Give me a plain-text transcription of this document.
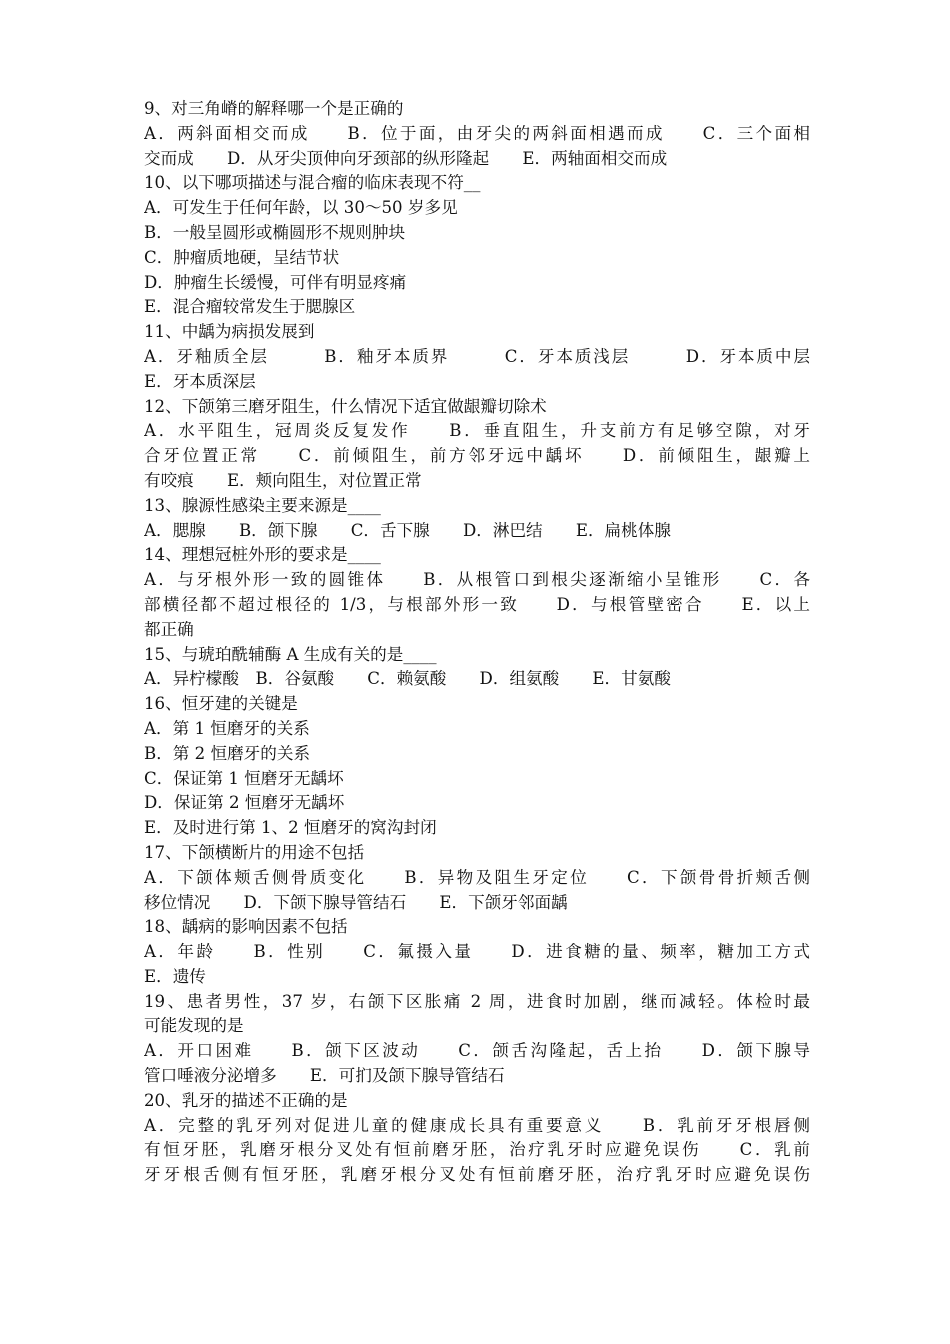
9、对三角嵴的解释哪一个是正确的
A．两斜面相交而成　　B．位于面，由牙尖的两斜面相遇而成　　C．三个面相
交而成　　D．从牙尖顶伸向牙颈部的纵形隆起　　E．两轴面相交而成
10、以下哪项描述与混合瘤的临床表现不符__
A．可发生于任何年龄，以 30～50 岁多见
B．一般呈圆形或椭圆形不规则肿块
C．肿瘤质地硬，呈结节状
D．肿瘤生长缓慢，可伴有明显疼痛
E．混合瘤较常发生于腮腺区
11、中龋为病损发展到
A．牙釉质全层　　　B．釉牙本质界　　　C．牙本质浅层　　　D．牙本质中层
E．牙本质深层
12、下颌第三磨牙阻生，什么情况下适宜做龈瓣切除术
A．水平阻生，冠周炎反复发作　　B．垂直阻生，升支前方有足够空隙，对牙
合牙位置正常　　C．前倾阻生，前方邻牙远中龋坏　　D．前倾阻生，龈瓣上
有咬痕　　E．颊向阻生，对位置正常
13、腺源性感染主要来源是____
A．腮腺　　B．颌下腺　　C．舌下腺　　D．淋巴结　　E．扁桃体腺
14、理想冠桩外形的要求是____
A．与牙根外形一致的圆锥体　　B．从根管口到根尖逐渐缩小呈锥形　　C．各
部横径都不超过根径的 1/3，与根部外形一致　　D．与根管壁密合　　E．以上
都正确
15、与琥珀酰辅酶 A 生成有关的是____
A．异柠檬酸　B．谷氨酸　　C．赖氨酸　　D．组氨酸　　E．甘氨酸
16、恒牙建的关键是
A．第 1 恒磨牙的关系
B．第 2 恒磨牙的关系
C．保证第 1 恒磨牙无龋坏
D．保证第 2 恒磨牙无龋坏
E．及时进行第 1、2 恒磨牙的窝沟封闭
17、下颌横断片的用途不包括
A．下颌体颊舌侧骨质变化　　B．异物及阻生牙定位　　C．下颌骨骨折颊舌侧
移位情况　　D．下颌下腺导管结石　　E．下颌牙邻面龋
18、龋病的影响因素不包括
A．年龄　　B．性别　　C．氟摄入量　　D．进食糖的量、频率，糖加工方式
E．遗传
19、患者男性，37 岁，右颌下区胀痛 2 周，进食时加剧，继而减轻。体检时最
可能发现的是
A．开口困难　　B．颌下区波动　　C．颌舌沟隆起，舌上抬　　D．颌下腺导
管口唾液分泌增多　　E．可扪及颌下腺导管结石
20、乳牙的描述不正确的是
A．完整的乳牙列对促进儿童的健康成长具有重要意义　　B．乳前牙牙根唇侧
有恒牙胚，乳磨牙根分叉处有恒前磨牙胚，治疗乳牙时应避免误伤　　C．乳前
牙牙根舌侧有恒牙胚，乳磨牙根分叉处有恒前磨牙胚，治疗乳牙时应避免误伤
